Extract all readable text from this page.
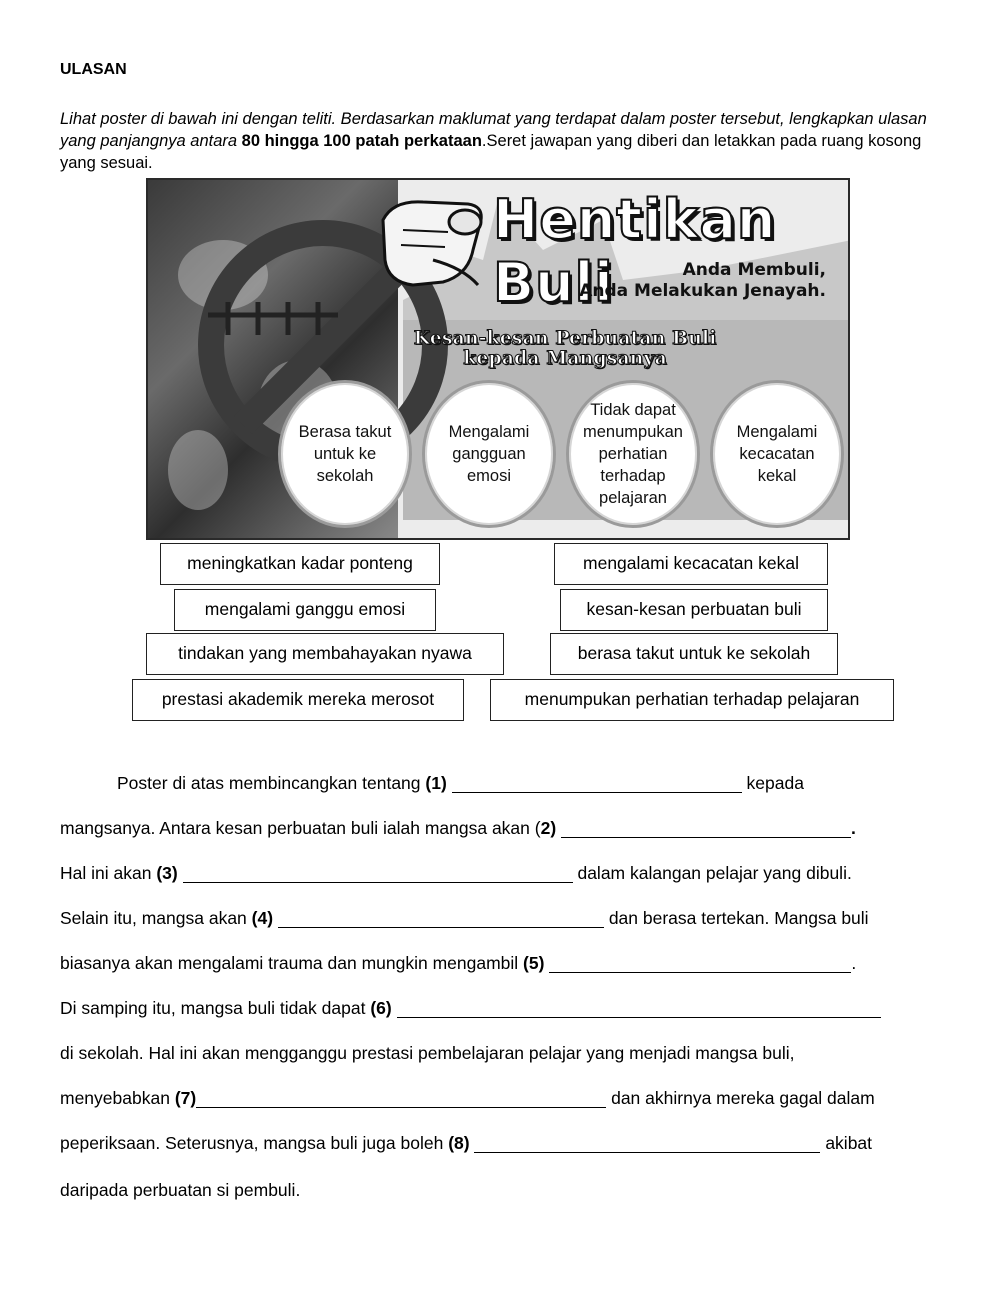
ULASAN
Lihat poster di bawah ini dengan teliti. Berdasarkan maklumat yang terdapat dalam poster tersebut, lengkapkan ulasan yang panjangnya antara 80 hingga 100 patah perkataan.Seret jawapan yang diberi dan letakkan pada ruang kosong yang sesuai.
Hentikan Buli	Anda Membuli,
Anda Melakukan Jenayah.
Kesan-kesan Perbuatan Buli
kepada Mangsanya
Berasa takut untuk ke sekolah
Mengalami gangguan emosi
Tidak dapat menumpukan perhatian terhadap pelajaran
Mengalami kecacatan kekal
meningkatkan kadar ponteng	mengalami kecacatan kekal
mengalami ganggu emosi	kesan-kesan perbuatan buli
tindakan yang membahayakan nyawa	berasa takut untuk ke sekolah
prestasi akademik mereka merosot	menumpukan perhatian terhadap pelajaran
Poster di atas membincangkan tentang (1)	kepada
mangsanya. Antara kesan perbuatan buli ialah mangsa akan (2)	.
Hal ini akan (3)	dalam kalangan pelajar yang dibuli.
Selain itu, mangsa akan (4)	dan berasa tertekan. Mangsa buli
biasanya akan mengalami trauma dan mungkin mengambil (5)	.
Di samping itu, mangsa buli tidak dapat (6)
di sekolah. Hal ini akan mengganggu prestasi pembelajaran pelajar yang menjadi mangsa buli,
menyebabkan (7)	dan akhirnya mereka gagal dalam
peperiksaan. Seterusnya, mangsa buli juga boleh (8)	akibat
daripada perbuatan si pembuli.
